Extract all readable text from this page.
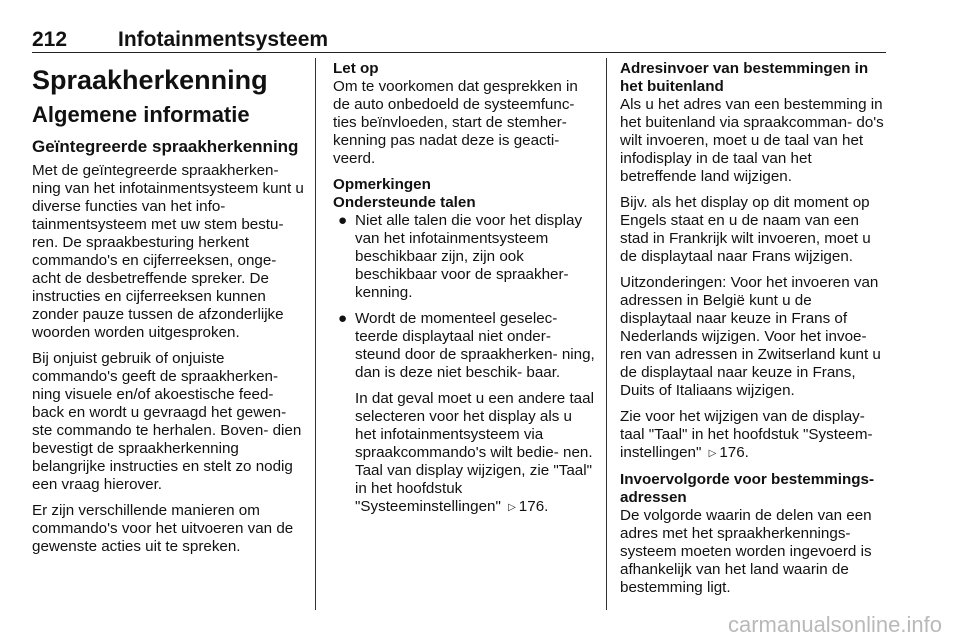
212 Infotainmentsysteem
Spraakherkenning
Algemene informatie
Geïntegreerde spraakherkenning

Met de geïntegreerde spraakherken- ning van het infotainmentsysteem kunt u diverse functies van het info- tainmentsysteem met uw stem bestu- ren. De spraakbesturing herkent commando's en cijferreeksen, onge- acht de desbetreffende spreker. De instructies en cijferreeksen kunnen zonder pauze tussen de afzonderlijke woorden worden uitgesproken.

Bij onjuist gebruik of onjuiste commando's geeft de spraakherken- ning visuele en/of akoestische feed- back en wordt u gevraagd het gewen- ste commando te herhalen. Boven- dien bevestigt de spraakherkenning belangrijke instructies en stelt zo nodig een vraag hierover.

Er zijn verschillende manieren om commando's voor het uitvoeren van de gewenste acties uit te spreken.

Let op

Om te voorkomen dat gesprekken in de auto onbedoeld de systeemfunc- ties beïnvloeden, start de stemher- kenning pas nadat deze is geacti- veerd.

Opmerkingen
Ondersteunde talen
● Niet alle talen die voor het display van het infotainmentsysteem beschikbaar zijn, zijn ook beschikbaar voor de spraakher- kenning.
● Wordt de momenteel geselec- teerde displaytaal niet onder- steund door de spraakherken- ning, dan is deze niet beschik- baar.
In dat geval moet u een andere taal selecteren voor het display als u het infotainmentsysteem via spraakcommando's wilt bedie- nen. Taal van display wijzigen, zie "Taal" in het hoofdstuk "Systeeminstellingen" ▷ 176.
Adresinvoer van bestemmingen in het buitenland

Als u het adres van een bestemming in het buitenland via spraakcomman- do's wilt invoeren, moet u de taal van het infodisplay in de taal van het betreffende land wijzigen.

Bijv. als het display op dit moment op Engels staat en u de naam van een stad in Frankrijk wilt invoeren, moet u de displaytaal naar Frans wijzigen.

Uitzonderingen: Voor het invoeren van adressen in België kunt u de displaytaal naar keuze in Frans of Nederlands wijzigen. Voor het invoe- ren van adressen in Zwitserland kunt u de displaytaal naar keuze in Frans, Duits of Italiaans wijzigen.

Zie voor het wijzigen van de display- taal "Taal" in het hoofdstuk "Systeem- instellingen" ▷ 176.

Invoervolgorde voor bestemmings- adressen

De volgorde waarin de delen van een adres met het spraakherkennings- systeem moeten worden ingevoerd is afhankelijk van het land waarin de bestemming ligt.

carmanualsonline.info
